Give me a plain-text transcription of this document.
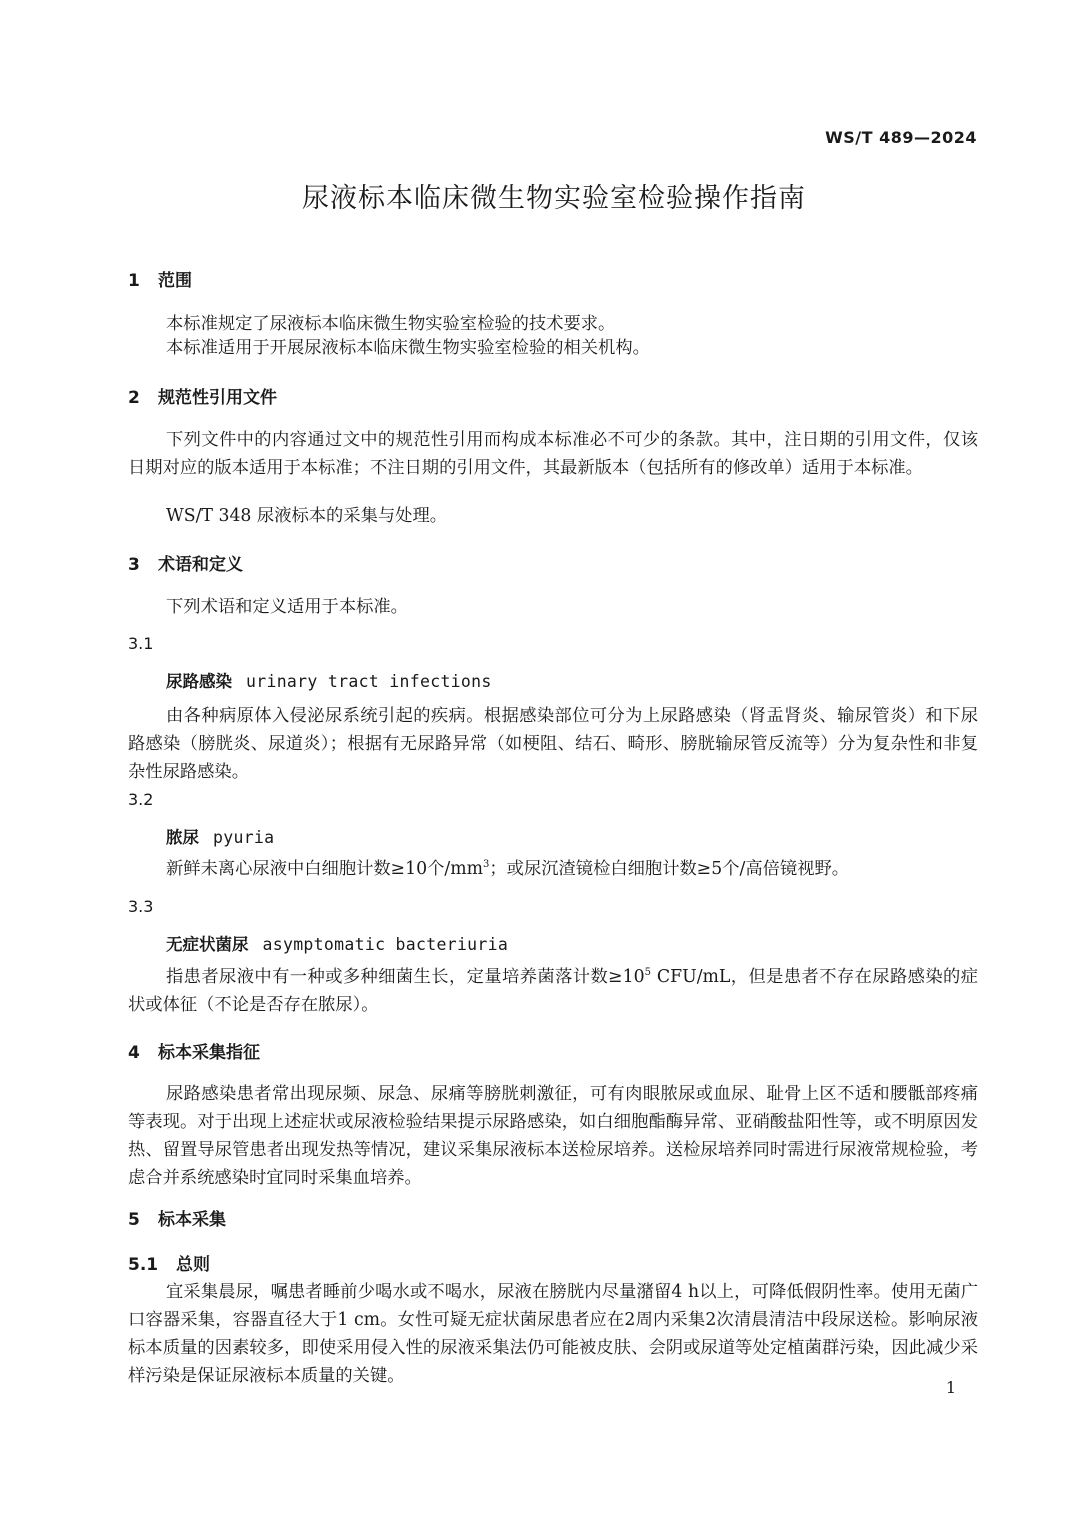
WS/T 489—2024
尿液标本临床微生物实验室检验操作指南
1 范围
本标准规定了尿液标本临床微生物实验室检验的技术要求。
本标准适用于开展尿液标本临床微生物实验室检验的相关机构。
2 规范性引用文件
下列文件中的内容通过文中的规范性引用而构成本标准必不可少的条款。其中，注日期的引用文件，仅该日期对应的版本适用于本标准；不注日期的引用文件，其最新版本（包括所有的修改单）适用于本标准。
WS/T 348 尿液标本的采集与处理。
3 术语和定义
下列术语和定义适用于本标准。
3.1
尿路感染 urinary tract infections
由各种病原体入侵泌尿系统引起的疾病。根据感染部位可分为上尿路感染（肾盂肾炎、输尿管炎）和下尿路感染（膀胱炎、尿道炎）；根据有无尿路异常（如梗阻、结石、畸形、膀胱输尿管反流等）分为复杂性和非复杂性尿路感染。
3.2
脓尿 pyuria
新鲜未离心尿液中白细胞计数≥10个$/mm^3$；或尿沉渣镜检白细胞计数≥5个/高倍镜视野。
3.3
无症状菌尿 asymptomatic bacteriuria
指患者尿液中有一种或多种细菌生长，定量培养菌落计数$\ge 10^5$ CFU/mL，但是患者不存在尿路感染的症状或体征（不论是否存在脓尿）。
4 标本采集指征
尿路感染患者常出现尿频、尿急、尿痛等膀胱刺激征，可有肉眼脓尿或血尿、耻骨上区不适和腰骶部疼痛等表现。对于出现上述症状或尿液检验结果提示尿路感染，如白细胞酯酶异常、亚硝酸盐阳性等，或不明原因发热、留置导尿管患者出现发热等情况，建议采集尿液标本送检尿培养。送检尿培养同时需进行尿液常规检验，考虑合并系统感染时宜同时采集血培养。
5 标本采集
5.1 总则
宜采集晨尿，嘱患者睡前少喝水或不喝水，尿液在膀胱内尽量潴留4 h以上，可降低假阴性率。使用无菌广口容器采集，容器直径大于1 cm。女性可疑无症状菌尿患者应在2周内采集2次清晨清洁中段尿送检。影响尿液标本质量的因素较多，即使采用侵入性的尿液采集法仍可能被皮肤、会阴或尿道等处定植菌群污染，因此减少采样污染是保证尿液标本质量的关键。
1
